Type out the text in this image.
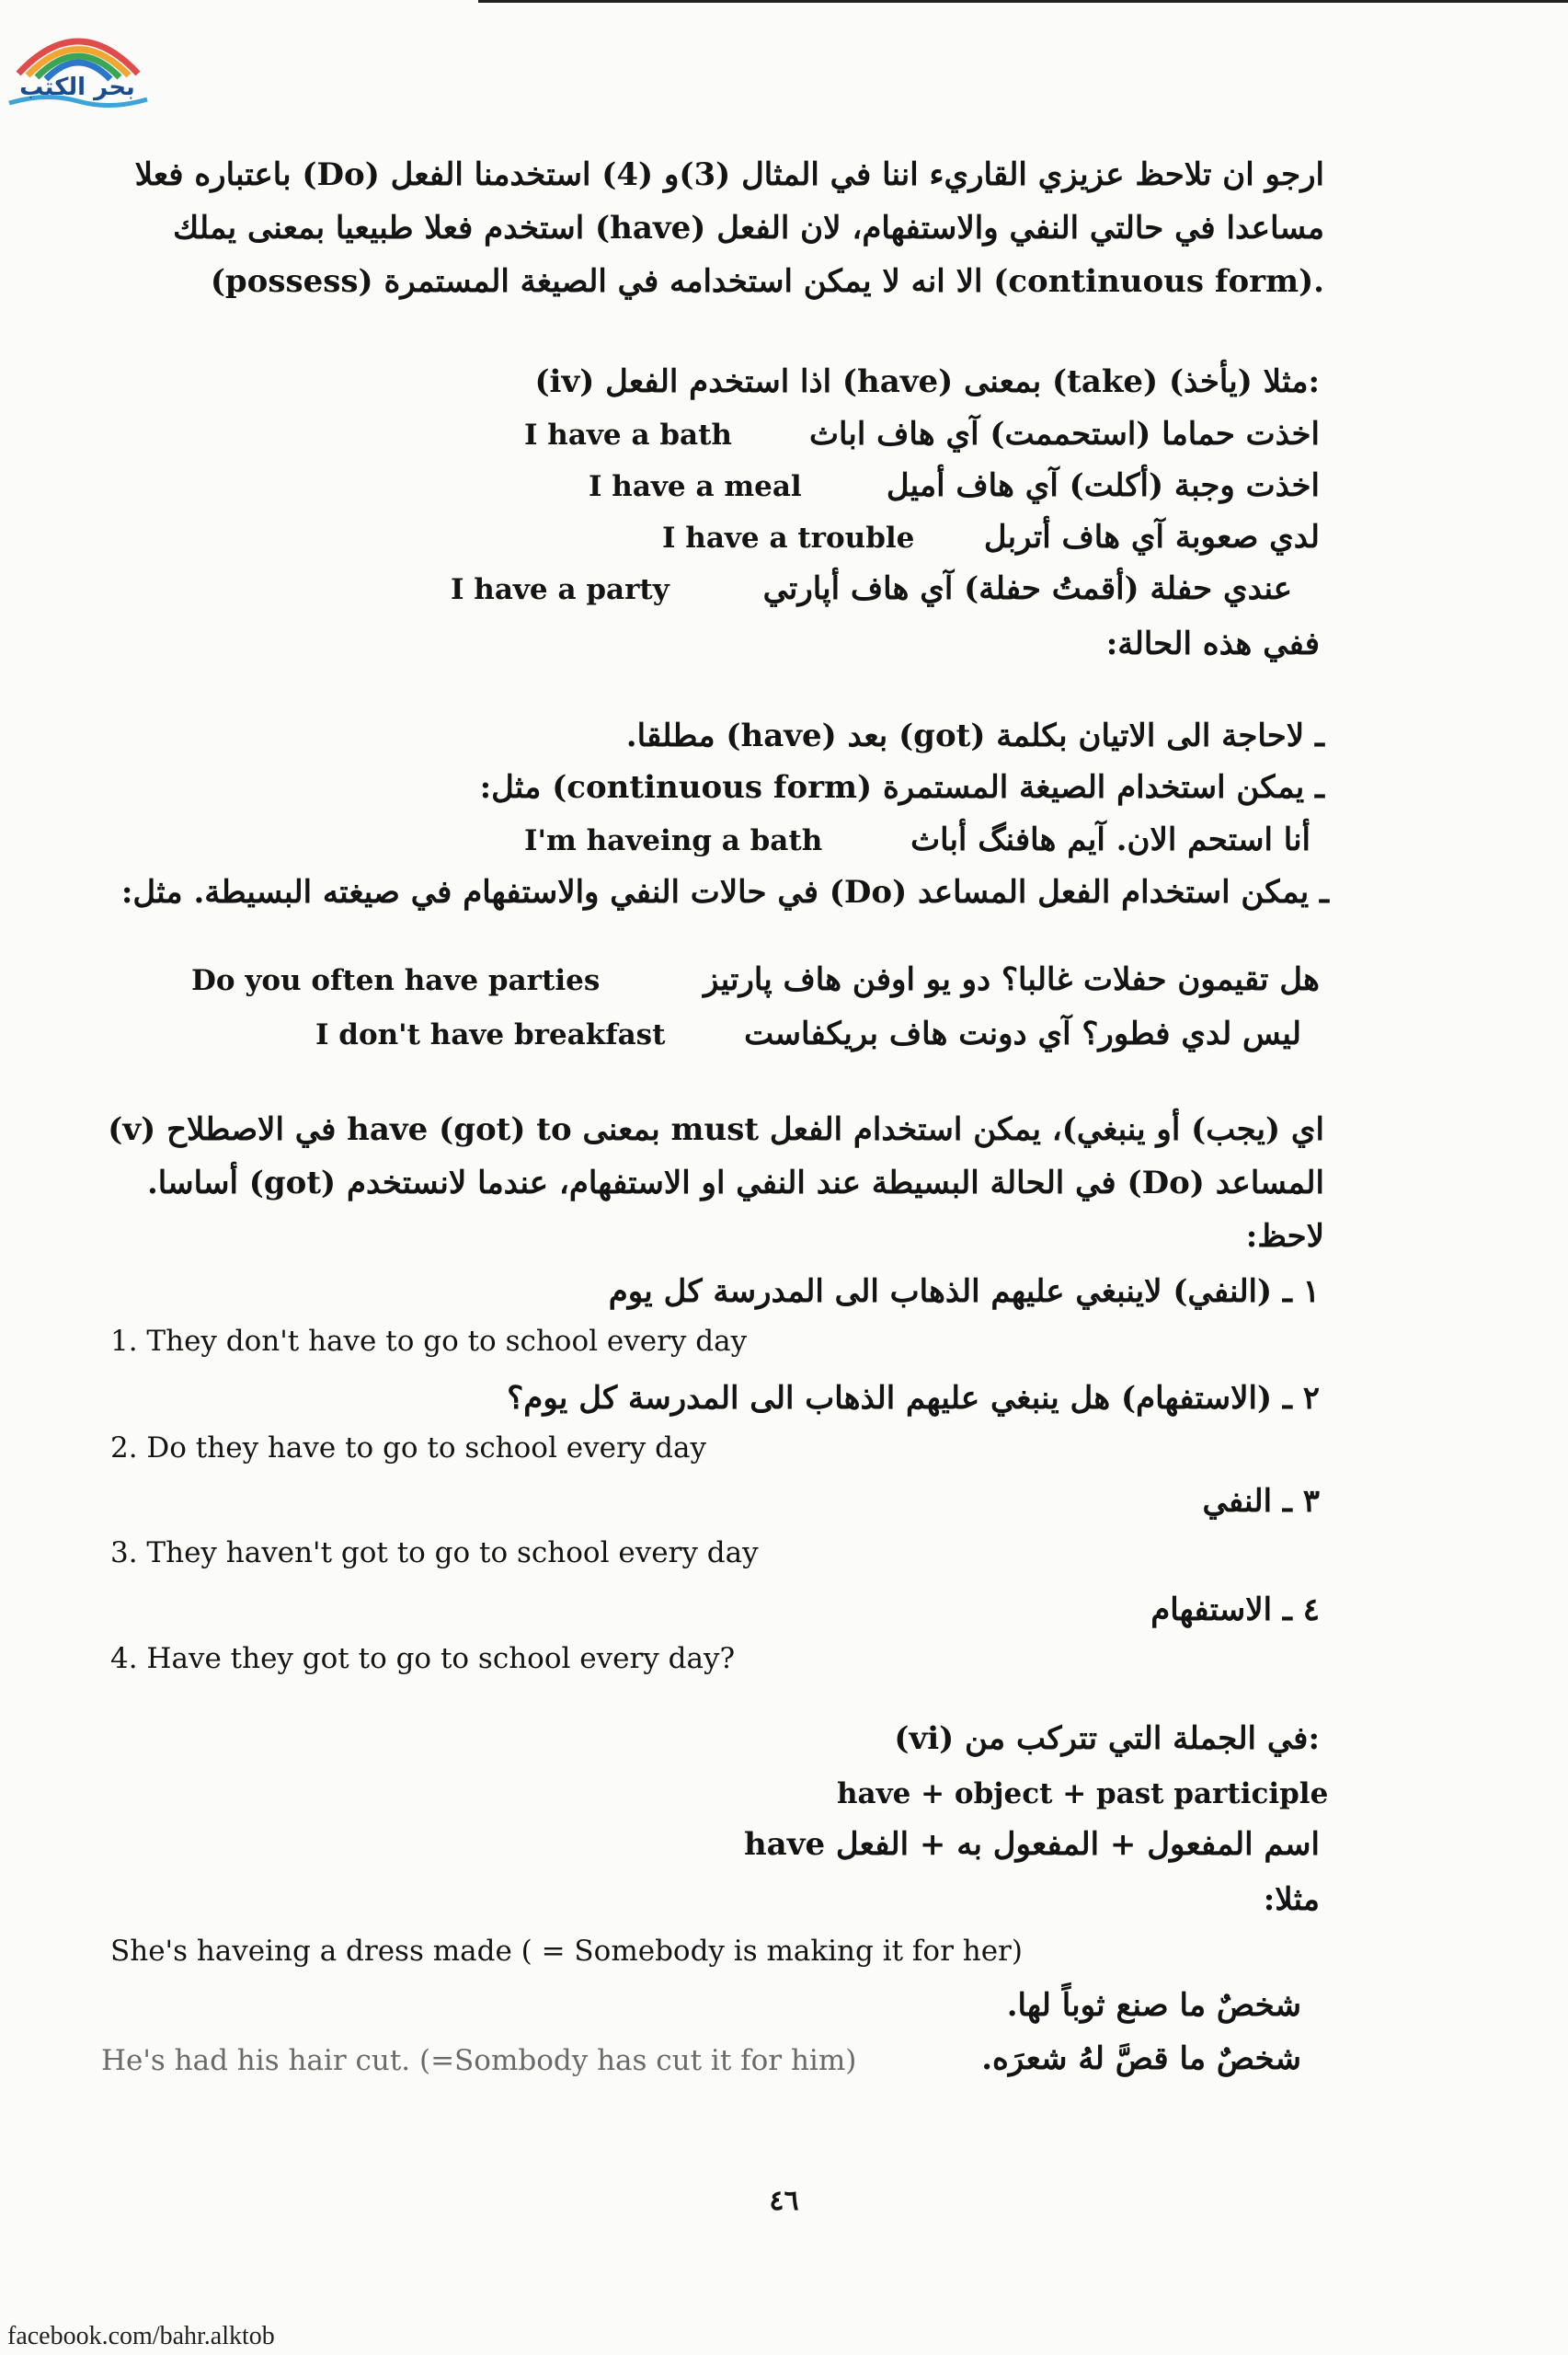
بحر الكتب
ارجو ان تلاحظ عزيزي القاريء اننا في المثال (3)و (4) استخدمنا الفعل (Do) باعتباره فعلا
مساعدا في حالتي النفي والاستفهام، لان الفعل (have) استخدم فعلا طبيعيا بمعنى يملك
(possess) الا انه لا يمكن استخدامه في الصيغة المستمرة (continuous form).
(iv) اذا استخدم الفعل (have) بمعنى (take) (يأخذ) مثلا:
اخذت حماما (استحممت) آي هاف اباث
I have a bath
اخذت وجبة (أكلت) آي هاف أميل
I have a meal
لدي صعوبة آي هاف أتربل
I have a trouble
عندي حفلة (أقمتُ حفلة) آي هاف أپارتي
I have a party
ففي هذه الحالة:
ـ لاحاجة الى الاتيان بكلمة (got) بعد (have) مطلقا.
ـ يمكن استخدام الصيغة المستمرة (continuous form) مثل:
أنا استحم الان. آيم هافنگ أباث
I'm haveing a bath
ـ يمكن استخدام الفعل المساعد (Do) في حالات النفي والاستفهام في صيغته البسيطة. مثل:
هل تقيمون حفلات غالبا؟ دو يو اوفن هاف پارتيز
Do you often have parties
ليس لدي فطور؟ آي دونت هاف بريكفاست
I don't have breakfast
(v) في الاصطلاح have (got) to بمعنى must اي (يجب) أو ينبغي)، يمكن استخدام الفعل
المساعد (Do) في الحالة البسيطة عند النفي او الاستفهام، عندما لانستخدم (got) أساسا.
لاحظ:
١ ـ (النفي) لاينبغي عليهم الذهاب الى المدرسة كل يوم
1. They don't have to go to school every day
٢ ـ (الاستفهام) هل ينبغي عليهم الذهاب الى المدرسة كل يوم؟
2. Do they have to go to school every day
٣ ـ النفي
3. They haven't got to go to school every day
٤ ـ الاستفهام
4. Have they got to go to school every day?
(vi) في الجملة التي تتركب من:
have + object + past participle
اسم المفعول + المفعول به + الفعل have
مثلا:
She's haveing a dress made ( = Somebody is making it for her)
شخصٌ ما صنع ثوباً لها.
He's had his hair cut. (=Sombody has cut it for him)	شخصٌ ما قصَّ لهُ شعرَه.
٤٦
facebook.com/bahr.alktob
